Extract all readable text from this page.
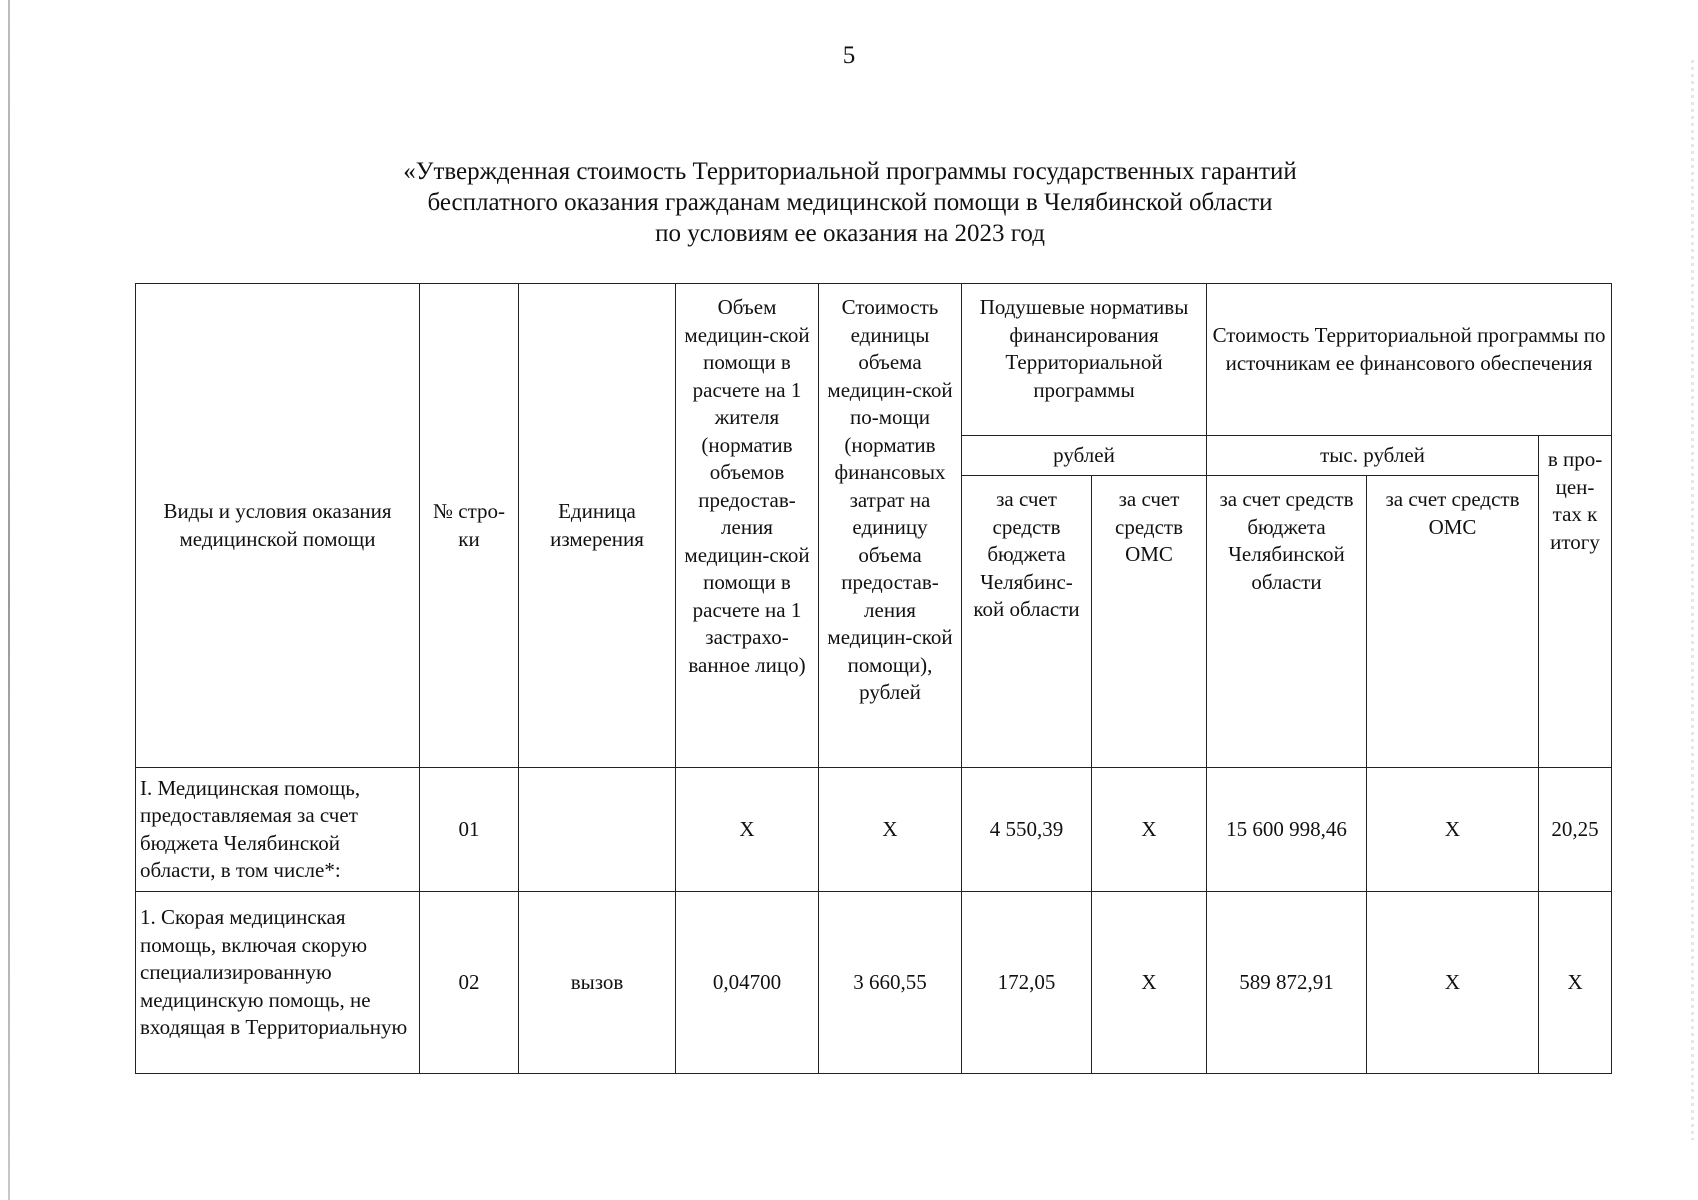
5
«Утвержденная стоимость Территориальной программы государственных гарантий
бесплатного оказания гражданам медицинской помощи в Челябинской области
по условиям ее оказания на 2023 год
Виды и условия оказания медицинской помощи	№ стро-ки	Единица измерения	Объем медицин-ской помощи в расчете на 1 жителя (норматив объемов предостав-ления медицин-ской помощи в расчете на 1 застрахо-ванное лицо)	Стоимость единицы объема медицин-ской по-мощи (норматив финансовых затрат на единицу объема предостав-ления медицин-ской помощи), рублей	Подушевые нормативы финансирования Территориальной программы		Стоимость Территориальной программы по источникам ее финансового обеспечения		
					рублей		тыс. рублей		в про-цен-тах к итогу
					за счет средств бюджета Челябинс-кой области	за счет средств ОМС	за счет средств бюджета Челябинской области	за счет средств ОМС	
I. Медицинская помощь, предоставляемая за счет бюджета Челябинской области, в том числе*:	01		X	X	4 550,39	X	15 600 998,46	X	20,25
1. Скорая медицинская помощь, включая скорую специализированную медицинскую помощь, не входящая в Территориальную	02	вызов	0,04700	3 660,55	172,05	X	589 872,91	X	X
